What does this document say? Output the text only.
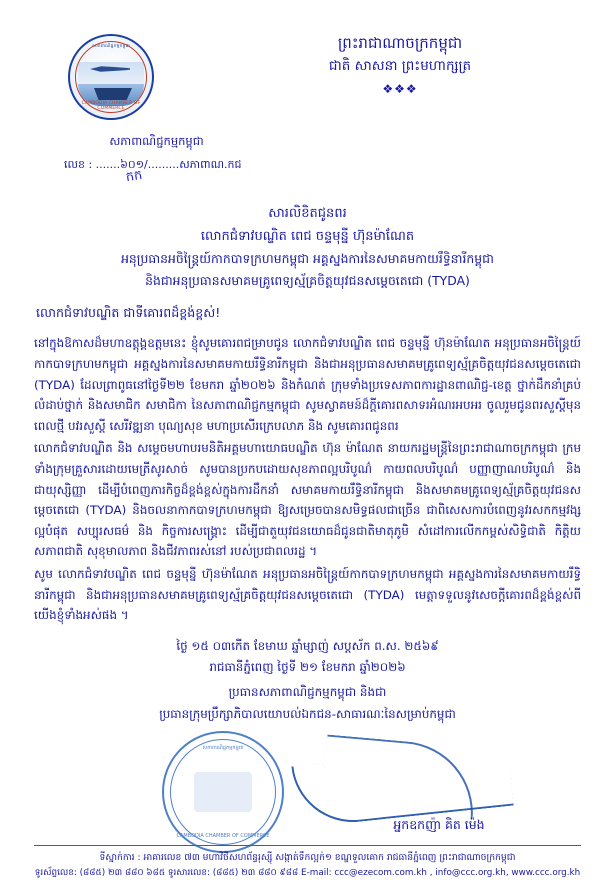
សភាពាណិជ្ជកម្មកម្ពុជា
CAMBODIA CHAMBER OF COMMERCE
ព្រះរាជាណាចក្រកម្ពុជា
ជាតិ សាសនា ព្រះមហាក្សត្រ
❖❖❖
សភាពាណិជ្ជកម្មកម្ពុជា
លេខ : .......៦០១/.........សភាពាណ.កជ
កក
សារលិខិតជូនពរ
លោកជំទាវបណ្ឌិត ពេជ ចន្ទមុន្នី ហ៊ុនម៉ាណែត
អនុប្រធានអចិន្ត្រៃយ៍កាកបាទក្រហមកម្ពុជា អគ្គស្នងការនៃសមាគមកាយរឹទ្ធិនារីកម្ពុជា
និងជាអនុប្រធានសមាគមគ្រូពេទ្យស្ម័គ្រចិត្តយុវជនសម្តេចតេជោ (TYDA)
លោកជំទាវបណ្ឌិត ជាទីគោរពដ៏ខ្ពង់ខ្ពស់!

នៅក្នុងឱកាសដ៏មហាឧត្តុង្គឧត្តមនេះ ខ្ញុំសូមគោរពជម្រាបជូន លោកជំទាវបណ្ឌិត ពេជ ចន្ទមុន្នី ហ៊ុនម៉ាណែត អនុប្រធានអចិន្ត្រៃយ៍កាកបាទក្រហមកម្ពុជា អគ្គស្នងការនៃសមាគមកាយរឹទ្ធិនារីកម្ពុជា និងជាអនុប្រធានសមាគមគ្រូពេទ្យស្ម័គ្រចិត្តយុវជនសម្តេចតេជោ (TYDA) ដែលព្រាពូធនៅថ្ងៃទី២២ ខែមករា ឆ្នាំ២០២៦ និងកំណត់ ក្រុមទាំងប្រទេសភាពការដ្ឋានពាណិជ្ជ-ខេត្ត ថ្នាក់ដឹកនាំគ្រប់លំដាប់ថ្នាក់ និងសមាជិក សមាជិកា នៃសភាពាណិជ្ជកម្មកម្ពុជា សូមស្វាគមន៍ដ៏ក្តីគោរពសាទរអំណរអបអរ ចូលរួមជូនពរសួស្តីមុនពេលថ្មី បវរសួស្តី សេរីវឌ្ឍនា បុណ្យសុខ មហាប្រសើរក្រេបលាភ និង សូមគោរពជូនពរ

លោកជំទាវបណ្ឌិត និង សម្តេចមហាបរមនិតិអគ្គមហាយោធបណ្ឌិត ហ៊ុន ម៉ាណែត នាយករដ្ឋមន្ត្រីនៃព្រះរាជាណាចក្រកម្ពុជា ក្រមទាំងក្រុមគ្រួសារដោយមេត្រីសូរសាច់ សូមបានប្រកបដោយសុខភាពល្អបរិបូណ៌ កាយពលបរិបូណ៌ បញ្ញាញាណបរិបូណ៌ និងជាយុស្សិញ្ញា ដើម្បីបំពេញភារកិច្ចដ៏ខ្ពង់ខ្ពស់ក្នុងការដឹកនាំ សមាគមកាយរឹទ្ធិនារីកម្ពុជា និងសមាគមគ្រូពេទ្យស្ម័គ្រចិត្តយុវជនសម្តេចតេជោ (TYDA) និងចលនាកាកបាទក្រហមកម្ពុជា ឱ្យសម្រេចបានសមិទ្ធផលជាច្រើន ជាពិសេសការបំពេញនូវរសកកម្មវង្សល្អបំផុត សប្បុរសធម៌ និង កិច្ចការសង្គ្រោះ ដើម្បីជាតួយុវជនយោធដ៏ជូនជាតិមាតុភូមិ សំដៅការលើកកម្ពស់សិទ្ធិជាតិ កិត្តិយសភាពជាតិ សុខុមាលភាព និងជីវភាពរស់នៅ របស់ប្រជាពលរដ្ឋ ។

សូម លោកជំទាវបណ្ឌិត ពេជ ចន្ទមុន្នី ហ៊ុនម៉ាណែត អនុប្រធានអចិន្ត្រៃយ៍កាកបាទក្រហមកម្ពុជា អគ្គស្នងការនៃសមាគមកាយរឹទ្ធិនារីកម្ពុជា និងជាអនុប្រធានសមាគមគ្រូពេទ្យស្ម័គ្រចិត្តយុវជនសម្តេចតេជោ (TYDA) មេត្តាទទួលនូវសេចក្តីគោរពដ៏ខ្ពង់ខ្ពស់ពីយើងខ្ញុំទាំងអស់ផង ។

ថ្ងៃ ១៥ ០៣កើត ខែមាឃ ឆ្នាំម្សាញ់ សប្តស័ក ព.ស. ២៥៦៩
រាជធានីភ្នំពេញ ថ្ងៃទី ២១ ខែមករា ឆ្នាំ២០២៦
ប្រធានសភាពាណិជ្ជកម្មកម្ពុជា និងជា
ប្រធានក្រុមប្រឹក្សាភិបាលយោបល់ឯកជន-សាធារណៈនៃសម្រាប់កម្ពុជា
សភាពាណិជ្ជកម្មកម្ពុជា
CAMBODIA CHAMBER OF COMMERCE
អ្នកឧកញ៉ា គិត ម៉េង
ទីស្នាក់ការ : អាគារលេខ ៧៣ មហាវិថីសហព័ន្ធរុស្ស៊ី សង្កាត់ទឹកល្អក់១ ខណ្ឌទួលគោក រាជធានីភ្នំពេញ ព្រះរាជាណាចក្រកម្ពុជា
ទូរស័ព្ទលេខ: (៨៨៥) ២៣ ៨៨០ ៦៨៥ ទូរសារលេខ: (៨៨៥) ២៣ ៨៨០ ៩៨៨ E-mail: ccc@ezecom.com.kh , info@ccc.org.kh, www.ccc.org.kh
